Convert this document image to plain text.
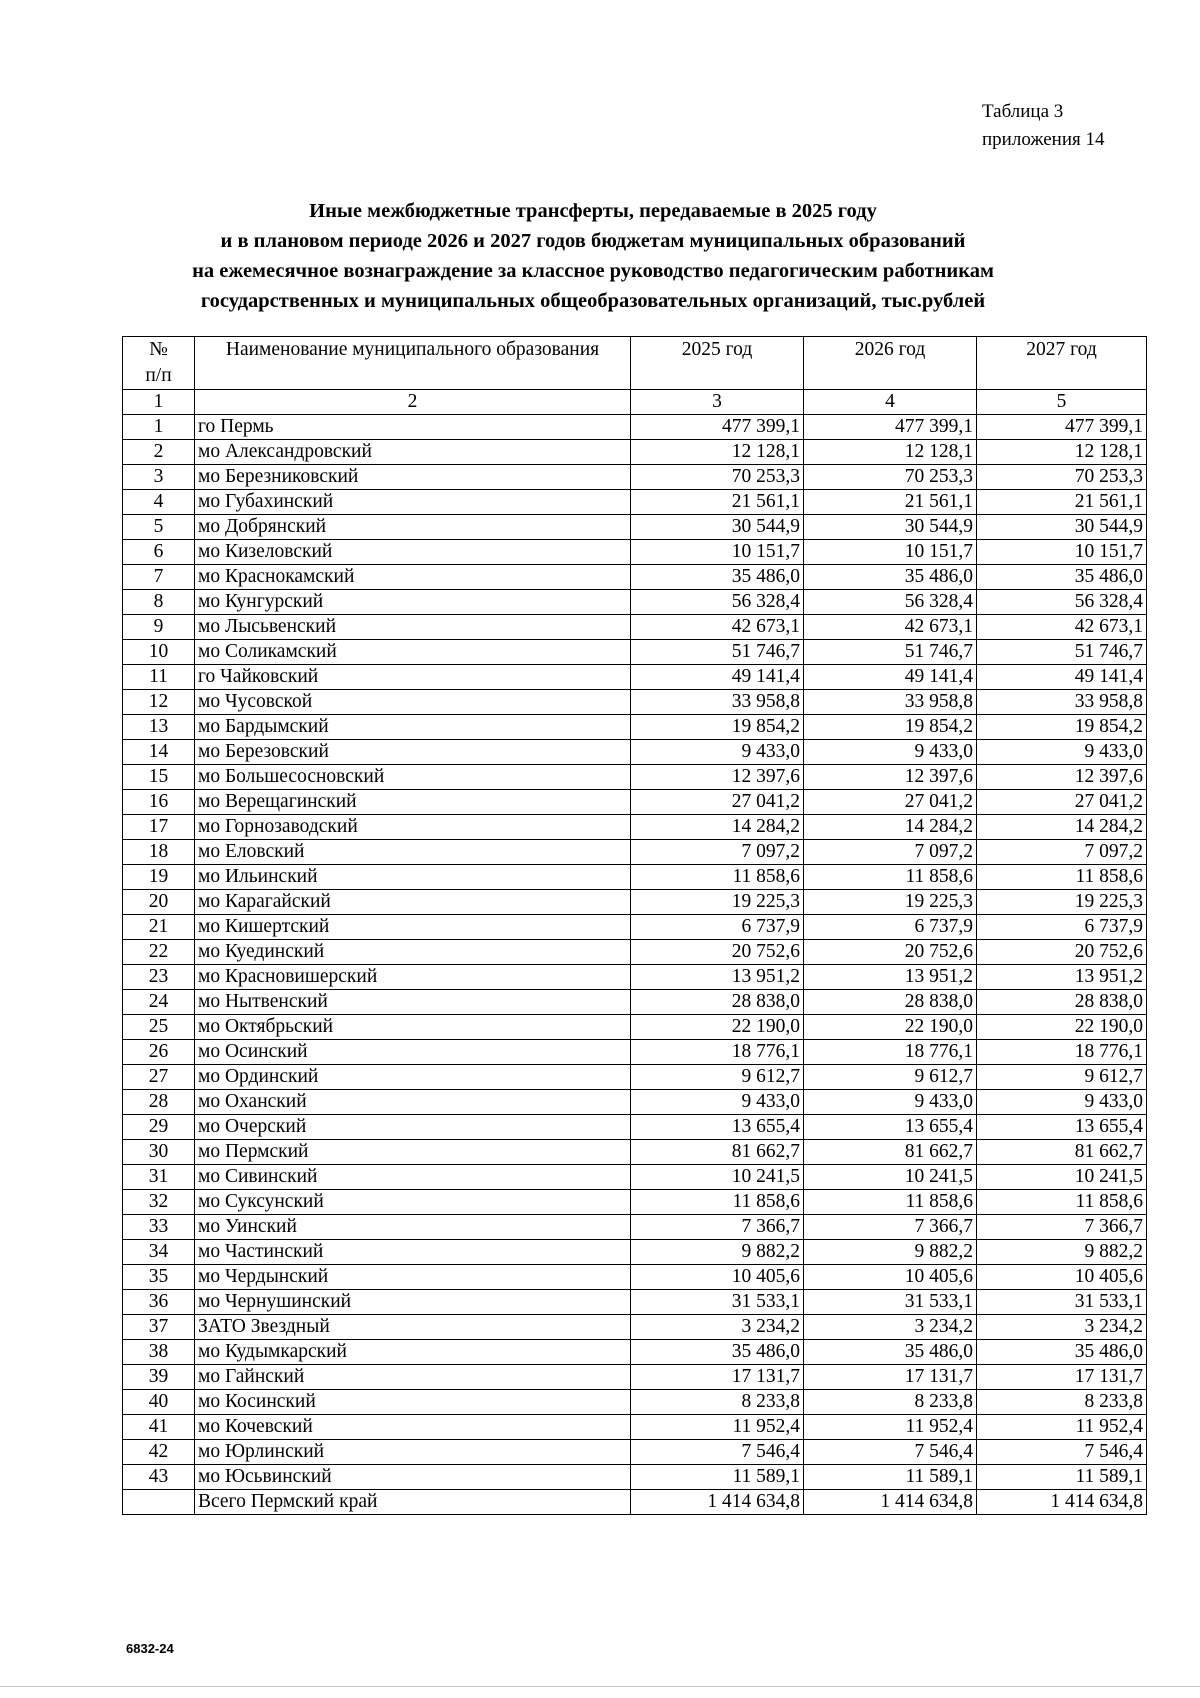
Таблица 3
приложения 14
Иные межбюджетные трансферты, передаваемые в 2025 году
и в плановом периоде 2026 и 2027 годов бюджетам муниципальных образований
на ежемесячное вознаграждение за классное руководство педагогическим работникам
государственных и муниципальных общеобразовательных организаций, тыс.рублей
№
п/п	Наименование муниципального образования	2025 год	2026 год	2027 год
1	2	3	4	5
1	го Пермь	477 399,1	477 399,1	477 399,1
2	мо Александровский	12 128,1	12 128,1	12 128,1
3	мо Березниковский	70 253,3	70 253,3	70 253,3
4	мо Губахинский	21 561,1	21 561,1	21 561,1
5	мо Добрянский	30 544,9	30 544,9	30 544,9
6	мо Кизеловский	10 151,7	10 151,7	10 151,7
7	мо Краснокамский	35 486,0	35 486,0	35 486,0
8	мо Кунгурский	56 328,4	56 328,4	56 328,4
9	мо Лысьвенский	42 673,1	42 673,1	42 673,1
10	мо Соликамский	51 746,7	51 746,7	51 746,7
11	го Чайковский	49 141,4	49 141,4	49 141,4
12	мо Чусовской	33 958,8	33 958,8	33 958,8
13	мо Бардымский	19 854,2	19 854,2	19 854,2
14	мо Березовский	9 433,0	9 433,0	9 433,0
15	мо Большесосновский	12 397,6	12 397,6	12 397,6
16	мо Верещагинский	27 041,2	27 041,2	27 041,2
17	мо Горнозаводский	14 284,2	14 284,2	14 284,2
18	мо Еловский	7 097,2	7 097,2	7 097,2
19	мо Ильинский	11 858,6	11 858,6	11 858,6
20	мо Карагайский	19 225,3	19 225,3	19 225,3
21	мо Кишертский	6 737,9	6 737,9	6 737,9
22	мо Куединский	20 752,6	20 752,6	20 752,6
23	мо Красновишерский	13 951,2	13 951,2	13 951,2
24	мо Нытвенский	28 838,0	28 838,0	28 838,0
25	мо Октябрьский	22 190,0	22 190,0	22 190,0
26	мо Осинский	18 776,1	18 776,1	18 776,1
27	мо Ординский	9 612,7	9 612,7	9 612,7
28	мо Оханский	9 433,0	9 433,0	9 433,0
29	мо Очерский	13 655,4	13 655,4	13 655,4
30	мо Пермский	81 662,7	81 662,7	81 662,7
31	мо Сивинский	10 241,5	10 241,5	10 241,5
32	мо Суксунский	11 858,6	11 858,6	11 858,6
33	мо Уинский	7 366,7	7 366,7	7 366,7
34	мо Частинский	9 882,2	9 882,2	9 882,2
35	мо Чердынский	10 405,6	10 405,6	10 405,6
36	мо Чернушинский	31 533,1	31 533,1	31 533,1
37	ЗАТО Звездный	3 234,2	3 234,2	3 234,2
38	мо Кудымкарский	35 486,0	35 486,0	35 486,0
39	мо Гайнский	17 131,7	17 131,7	17 131,7
40	мо Косинский	8 233,8	8 233,8	8 233,8
41	мо Кочевский	11 952,4	11 952,4	11 952,4
42	мо Юрлинский	7 546,4	7 546,4	7 546,4
43	мо Юсьвинский	11 589,1	11 589,1	11 589,1
	Всего Пермский край	1 414 634,8	1 414 634,8	1 414 634,8
6832-24
